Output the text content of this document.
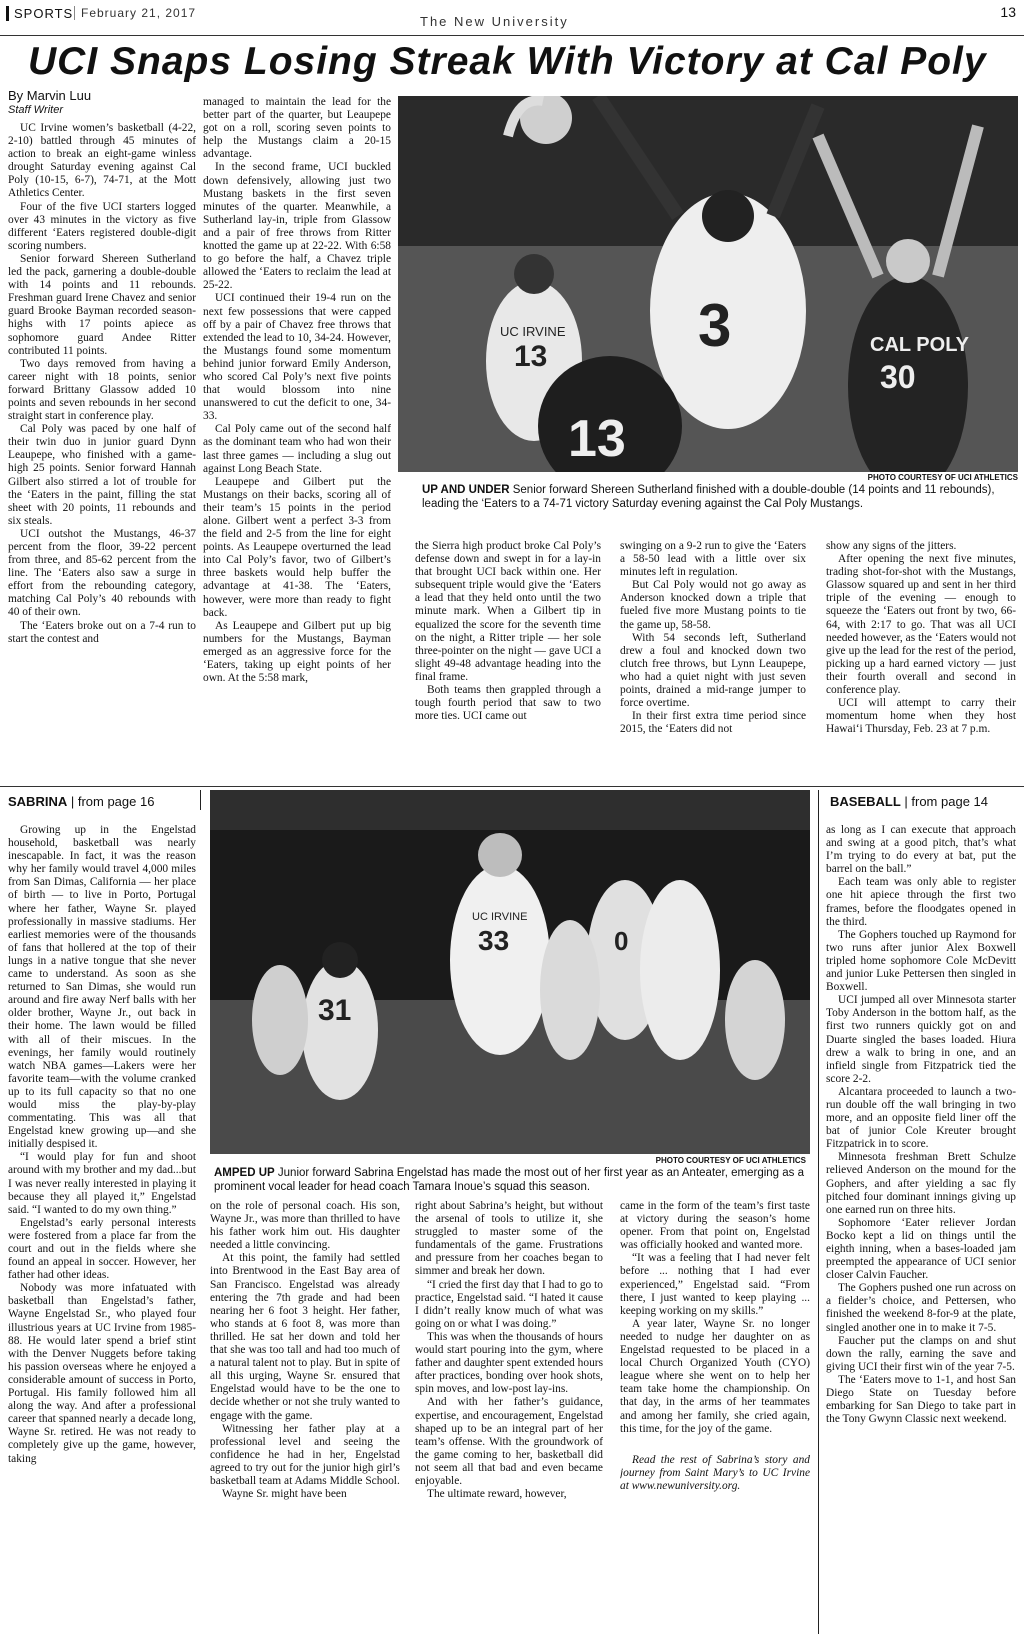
SPORTS February 21, 2017
The New University
13
UCI Snaps Losing Streak With Victory at Cal Poly
By Marvin Luu
Staff Writer

UC Irvine women’s basketball (4-22, 2-10) battled through 45 minutes of action to break an eight-game winless drought Saturday evening against Cal Poly (10-15, 6-7), 74-71, at the Mott Athletics Center.

Four of the five UCI starters logged over 43 minutes in the victory as five different ‘Eaters registered double-digit scoring numbers.

Senior forward Shereen Sutherland led the pack, garnering a double-double with 14 points and 11 rebounds. Freshman guard Irene Chavez and senior guard Brooke Bayman recorded season-highs with 17 points apiece as sophomore guard Andee Ritter contributed 11 points.

Two days removed from having a career night with 18 points, senior forward Brittany Glassow added 10 points and seven rebounds in her second straight start in conference play.

Cal Poly was paced by one half of their twin duo in junior guard Dynn Leaupepe, who finished with a game-high 25 points. Senior forward Hannah Gilbert also stirred a lot of trouble for the ‘Eaters in the paint, filling the stat sheet with 20 points, 11 rebounds and six steals.

UCI outshot the Mustangs, 46-37 percent from the floor, 39-22 percent from three, and 85-62 percent from the line. The ‘Eaters also saw a surge in effort from the rebounding category, matching Cal Poly’s 40 rebounds with 40 of their own.

The ‘Eaters broke out on a 7-4 run to start the contest and

managed to maintain the lead for the better part of the quarter, but Leaupepe got on a roll, scoring seven points to help the Mustangs claim a 20-15 advantage.

In the second frame, UCI buckled down defensively, allowing just two Mustang baskets in the first seven minutes of the quarter. Meanwhile, a Sutherland lay-in, triple from Glassow and a pair of free throws from Ritter knotted the game up at 22-22. With 6:58 to go before the half, a Chavez triple allowed the ‘Eaters to reclaim the lead at 25-22.

UCI continued their 19-4 run on the next few possessions that were capped off by a pair of Chavez free throws that extended the lead to 10, 34-24. However, the Mustangs found some momentum behind junior forward Emily Anderson, who scored Cal Poly’s next five points that would blossom into nine unanswered to cut the deficit to one, 34-33.

Cal Poly came out of the second half as the dominant team who had won their last three games — including a slug out against Long Beach State.

Leaupepe and Gilbert put the Mustangs on their backs, scoring all of their team’s 15 points in the period alone. Gilbert went a perfect 3-3 from the field and 2-5 from the line for eight points. As Leaupepe overturned the lead into Cal Poly’s favor, two of Gilbert’s three baskets would help buffer the advantage at 41-38. The ‘Eaters, however, were more than ready to fight back.

As Leaupepe and Gilbert put up big numbers for the Mustangs, Bayman emerged as an aggressive force for the ‘Eaters, taking up eight points of her own. At the 5:58 mark,

UC IRVINE
13	3	CAL POLY
30
13
PHOTO COURTESY OF UCI ATHLETICS
UP AND UNDER Senior forward Shereen Sutherland finished with a double-double (14 points and 11 rebounds), leading the ‘Eaters to a 74-71 victory Saturday evening against the Cal Poly Mustangs.

the Sierra high product broke Cal Poly’s defense down and swept in for a lay-in that brought UCI back within one. Her subsequent triple would give the ‘Eaters a lead that they held onto until the two minute mark. When a Gilbert tip in equalized the score for the seventh time on the night, a Ritter triple — her sole three-pointer on the night — gave UCI a slight 49-48 advantage heading into the final frame.

Both teams then grappled through a tough fourth period that saw to two more ties. UCI came out

swinging on a 9-2 run to give the ‘Eaters a 58-50 lead with a little over six minutes left in regulation.

But Cal Poly would not go away as Anderson knocked down a triple that fueled five more Mustang points to tie the game up, 58-58.

With 54 seconds left, Sutherland drew a foul and knocked down two clutch free throws, but Lynn Leaupepe, who had a quiet night with just seven points, drained a mid-range jumper to force overtime.

In their first extra time period since 2015, the ‘Eaters did not

show any signs of the jitters.

After opening the next five minutes, trading shot-for-shot with the Mustangs, Glassow squared up and sent in her third triple of the evening — enough to squeeze the ‘Eaters out front by two, 66-64, with 2:17 to go. That was all UCI needed however, as the ‘Eaters would not give up the lead for the rest of the period, picking up a hard earned victory — just their fourth overall and second in conference play.

UCI will attempt to carry their momentum home when they host Hawai‘i Thursday, Feb. 23 at 7 p.m.

SABRINA | from page 16

Growing up in the Engelstad household, basketball was nearly inescapable. In fact, it was the reason why her family would travel 4,000 miles from San Dimas, California — her place of birth — to live in Porto, Portugal where her father, Wayne Sr. played professionally in massive stadiums. Her earliest memories were of the thousands of fans that hollered at the top of their lungs in a native tongue that she never came to understand. As soon as she returned to San Dimas, she would run around and fire away Nerf balls with her older brother, Wayne Jr., out back in their home. The lawn would be filled with all of their miscues. In the evenings, her family would routinely watch NBA games—Lakers were her favorite team—with the volume cranked up to its full capacity so that no one would miss the play-by-play commentating. This was all that Engelstad knew growing up—and she initially despised it.

“I would play for fun and shoot around with my brother and my dad...but I was never really interested in playing it because they all played it,” Engelstad said. “I wanted to do my own thing.”

Engelstad’s early personal interests were fostered from a place far from the court and out in the fields where she found an appeal in soccer. However, her father had other ideas.

Nobody was more infatuated with basketball than Engelstad’s father, Wayne Engelstad Sr., who played four illustrious years at UC Irvine from 1985-88. He would later spend a brief stint with the Denver Nuggets before taking his passion overseas where he enjoyed a considerable amount of success in Porto, Portugal. His family followed him all along the way. And after a professional career that spanned nearly a decade long, Wayne Sr. retired. He was not ready to completely give up the game, however, taking

31
UC IRVINE
33	0
PHOTO COURTESY OF UCI ATHLETICS
AMPED UP Junior forward Sabrina Engelstad has made the most out of her first year as an Anteater, emerging as a prominent vocal leader for head coach Tamara Inoue’s squad this season.

on the role of personal coach. His son, Wayne Jr., was more than thrilled to have his father work him out. His daughter needed a little convincing.

At this point, the family had settled into Brentwood in the East Bay area of San Francisco. Engelstad was already entering the 7th grade and had been nearing her 6 foot 3 height. Her father, who stands at 6 foot 8, was more than thrilled. He sat her down and told her that she was too tall and had too much of a natural talent not to play. But in spite of all this urging, Wayne Sr. ensured that Engelstad would have to be the one to decide whether or not she truly wanted to engage with the game.

Witnessing her father play at a professional level and seeing the confidence he had in her, Engelstad agreed to try out for the junior high girl’s basketball team at Adams Middle School.

Wayne Sr. might have been

right about Sabrina’s height, but without the arsenal of tools to utilize it, she struggled to master some of the fundamentals of the game. Frustrations and pressure from her coaches began to simmer and break her down.

“I cried the first day that I had to go to practice, Engelstad said. “I hated it cause I didn’t really know much of what was going on or what I was doing.”

This was when the thousands of hours would start pouring into the gym, where father and daughter spent extended hours after practices, bonding over hook shots, spin moves, and low-post lay-ins.

And with her father’s guidance, expertise, and encouragement, Engelstad shaped up to be an integral part of her team’s offense. With the groundwork of the game coming to her, basketball did not seem all that bad and even became enjoyable.

The ultimate reward, however,

came in the form of the team’s first taste at victory during the season’s home opener. From that point on, Engelstad was officially hooked and wanted more.

“It was a feeling that I had never felt before ... nothing that I had ever experienced,” Engelstad said. “From there, I just wanted to keep playing ... keeping working on my skills.”

A year later, Wayne Sr. no longer needed to nudge her daughter on as Engelstad requested to be placed in a local Church Organized Youth (CYO) league where she went on to help her team take home the championship. On that day, in the arms of her teammates and among her family, she cried again, this time, for the joy of the game.

Read the rest of Sabrina’s story and journey from Saint Mary’s to UC Irvine at www.newuniversity.org.

BASEBALL | from page 14

as long as I can execute that approach and swing at a good pitch, that’s what I’m trying to do every at bat, put the barrel on the ball.”

Each team was only able to register one hit apiece through the first two frames, before the floodgates opened in the third.

The Gophers touched up Raymond for two runs after junior Alex Boxwell tripled home sophomore Cole McDevitt and junior Luke Pettersen then singled in Boxwell.

UCI jumped all over Minnesota starter Toby Anderson in the bottom half, as the first two runners quickly got on and Duarte singled the bases loaded. Hiura drew a walk to bring in one, and an infield single from Fitzpatrick tied the score 2-2.

Alcantara proceeded to launch a two-run double off the wall bringing in two more, and an opposite field liner off the bat of junior Cole Kreuter brought Fitzpatrick in to score.

Minnesota freshman Brett Schulze relieved Anderson on the mound for the Gophers, and after yielding a sac fly pitched four dominant innings giving up one earned run on three hits.

Sophomore ‘Eater reliever Jordan Bocko kept a lid on things until the eighth inning, when a bases-loaded jam preempted the appearance of UCI senior closer Calvin Faucher.

The Gophers pushed one run across on a fielder’s choice, and Pettersen, who finished the weekend 8-for-9 at the plate, singled another one in to make it 7-5.

Faucher put the clamps on and shut down the rally, earning the save and giving UCI their first win of the year 7-5.

The ‘Eaters move to 1-1, and host San Diego State on Tuesday before embarking for San Diego to take part in the Tony Gwynn Classic next weekend.
